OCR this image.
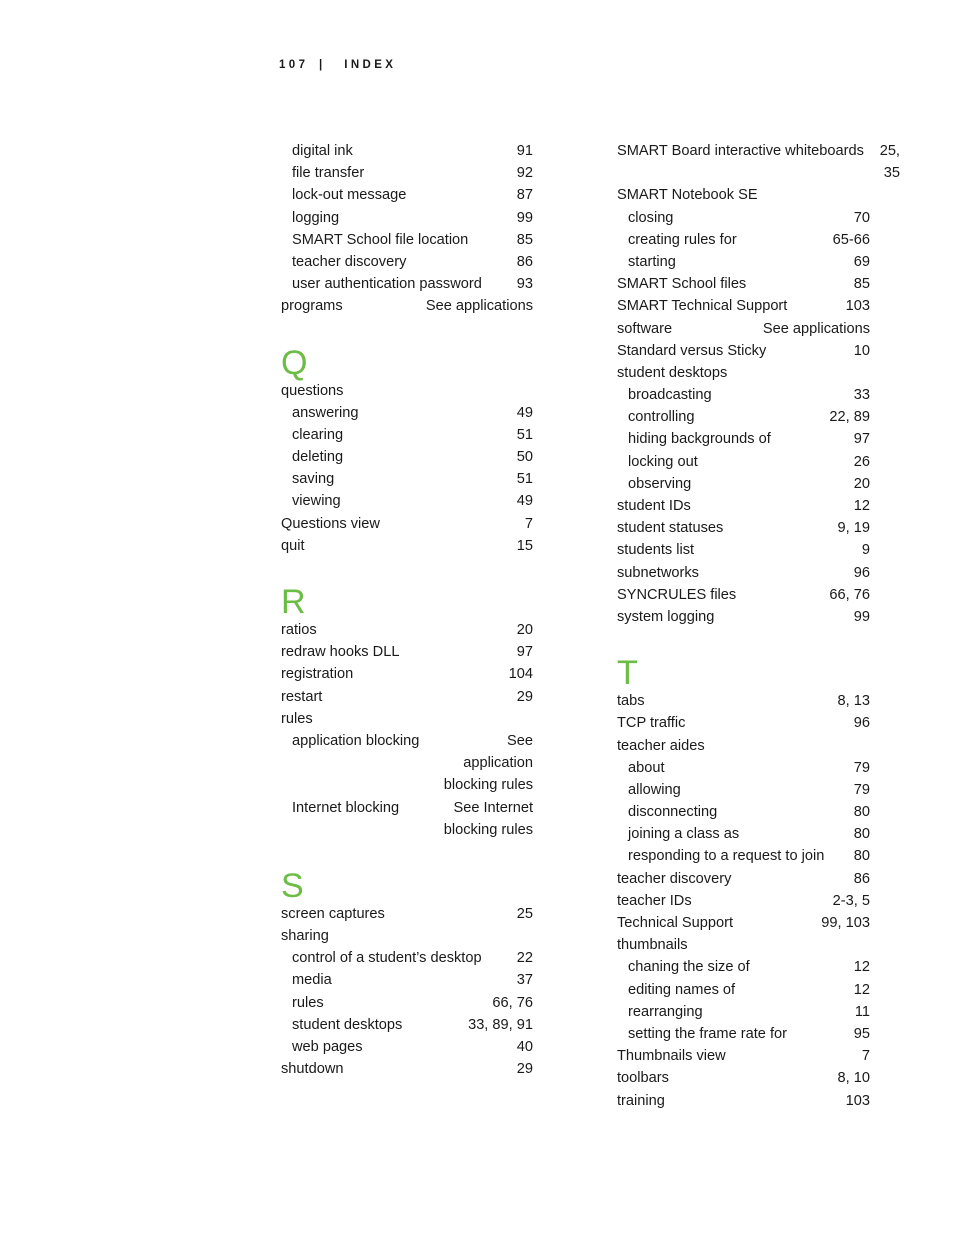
107 | INDEX
digital ink	91
file transfer	92
lock-out message	87
logging	99
SMART School file location	85
teacher discovery	86
user authentication password 93
programs	See applications
Q
questions
answering	49
clearing	51
deleting	50
saving	51
viewing	49
Questions view	7
quit	15
R
ratios	20
redraw hooks DLL	97
registration	104
restart	29
rules
application blocking	See
application
blocking rules
Internet blocking	See Internet
blocking rules
S
screen captures	25
sharing
control of a student’s desktop 22
media	37
rules	66, 76
student desktops	33, 89, 91
web pages	40
shutdown	29
SMART Board interactive whiteboards 25,
35
SMART Notebook SE
closing	70
creating rules for	65-66
starting	69
SMART School files	85
SMART Technical Support	103
software	See applications
Standard versus Sticky	10
student desktops
broadcasting	33
controlling	22, 89
hiding backgrounds of	97
locking out	26
observing	20
student IDs	12
student statuses	9, 19
students list	9
subnetworks	96
SYNCRULES files	66, 76
system logging	99
T
tabs	8, 13
TCP traffic	96
teacher aides
about	79
allowing	79
disconnecting	80
joining a class as	80
responding to a request to join 80
teacher discovery	86
teacher IDs	2-3, 5
Technical Support	99, 103
thumbnails
chaning the size of	12
editing names of	12
rearranging	11
setting the frame rate for	95
Thumbnails view	7
toolbars	8, 10
training	103
